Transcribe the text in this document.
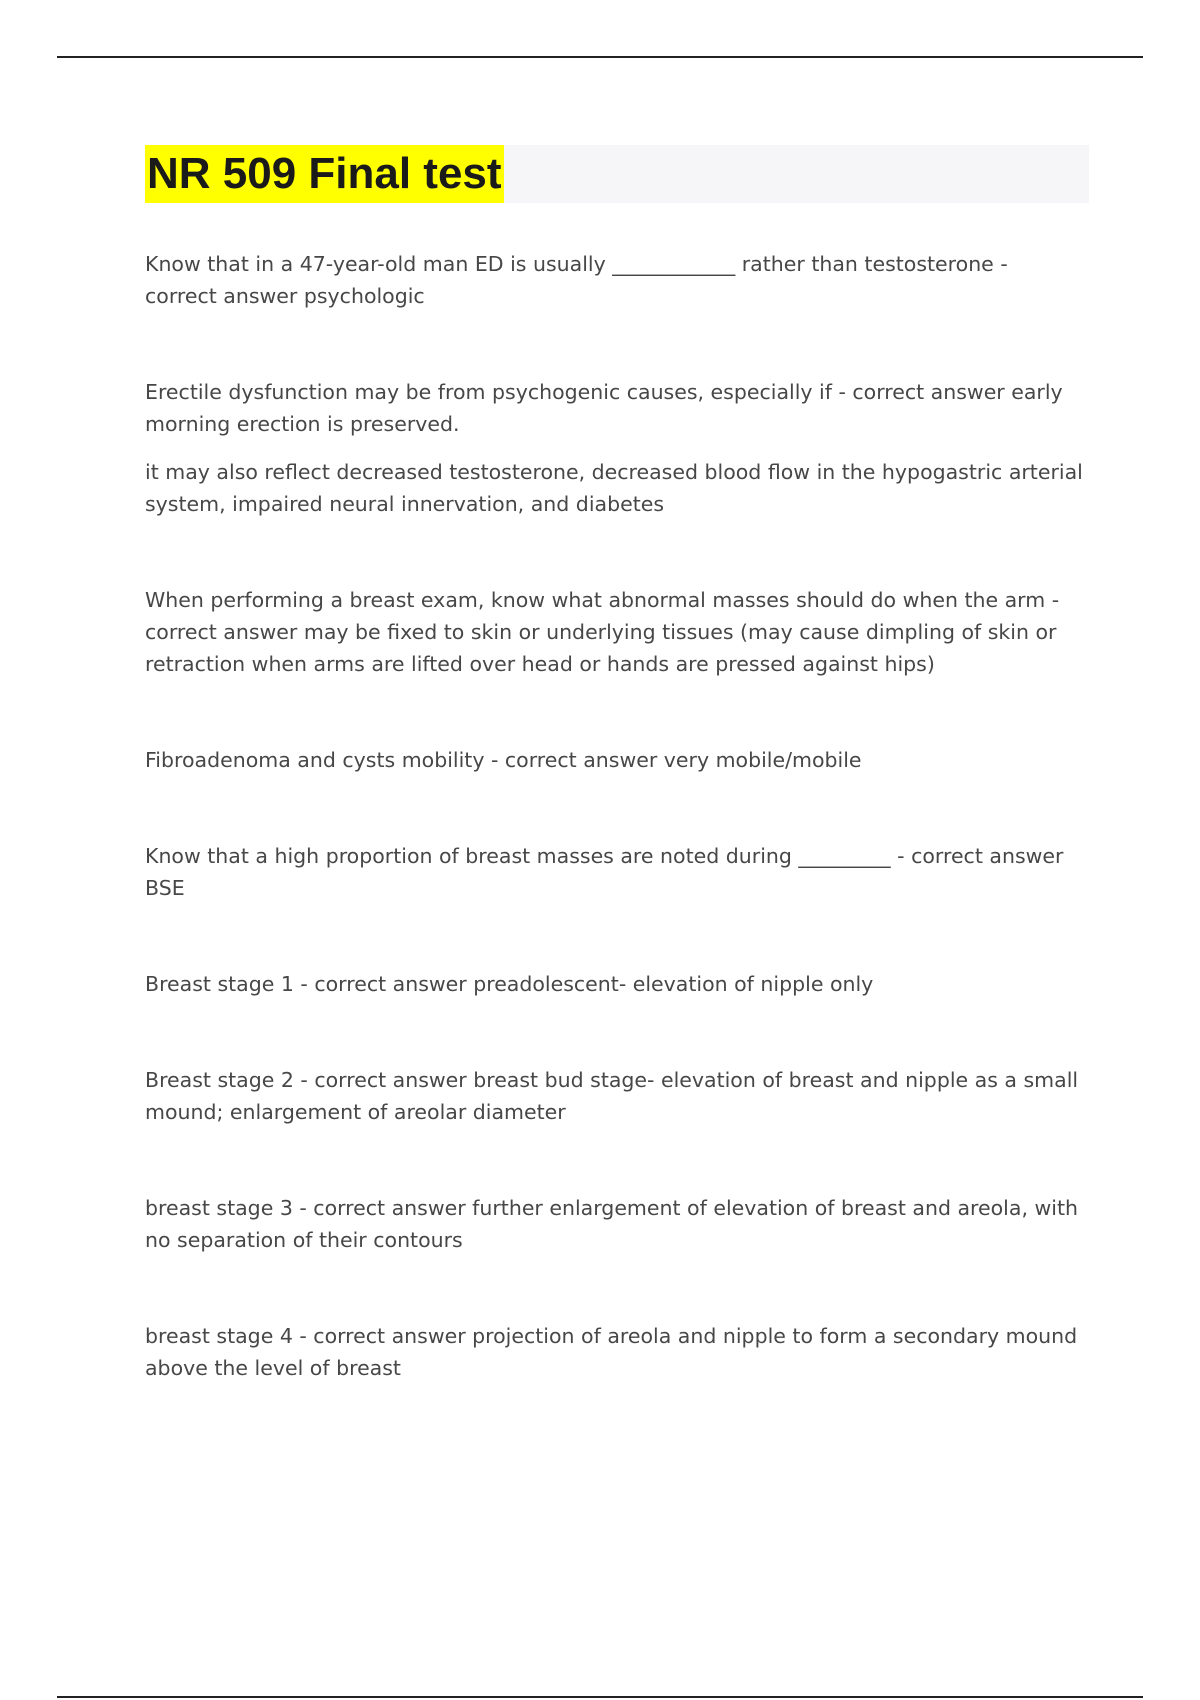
NR 509 Final test

Know that in a 47-year-old man ED is usually ____________ rather than testosterone - correct answer psychologic

Erectile dysfunction may be from psychogenic causes, especially if - correct answer early morning erection is preserved.

it may also reflect decreased testosterone, decreased blood flow in the hypogastric arterial system, impaired neural innervation, and diabetes

When performing a breast exam, know what abnormal masses should do when the arm - correct answer may be fixed to skin or underlying tissues (may cause dimpling of skin or retraction when arms are lifted over head or hands are pressed against hips)

Fibroadenoma and cysts mobility - correct answer very mobile/mobile

Know that a high proportion of breast masses are noted during _________ - correct answer BSE

Breast stage 1 - correct answer preadolescent- elevation of nipple only

Breast stage 2 - correct answer breast bud stage- elevation of breast and nipple as a small mound; enlargement of areolar diameter

breast stage 3 - correct answer further enlargement of elevation of breast and areola, with no separation of their contours

breast stage 4 - correct answer projection of areola and nipple to form a secondary mound above the level of breast
